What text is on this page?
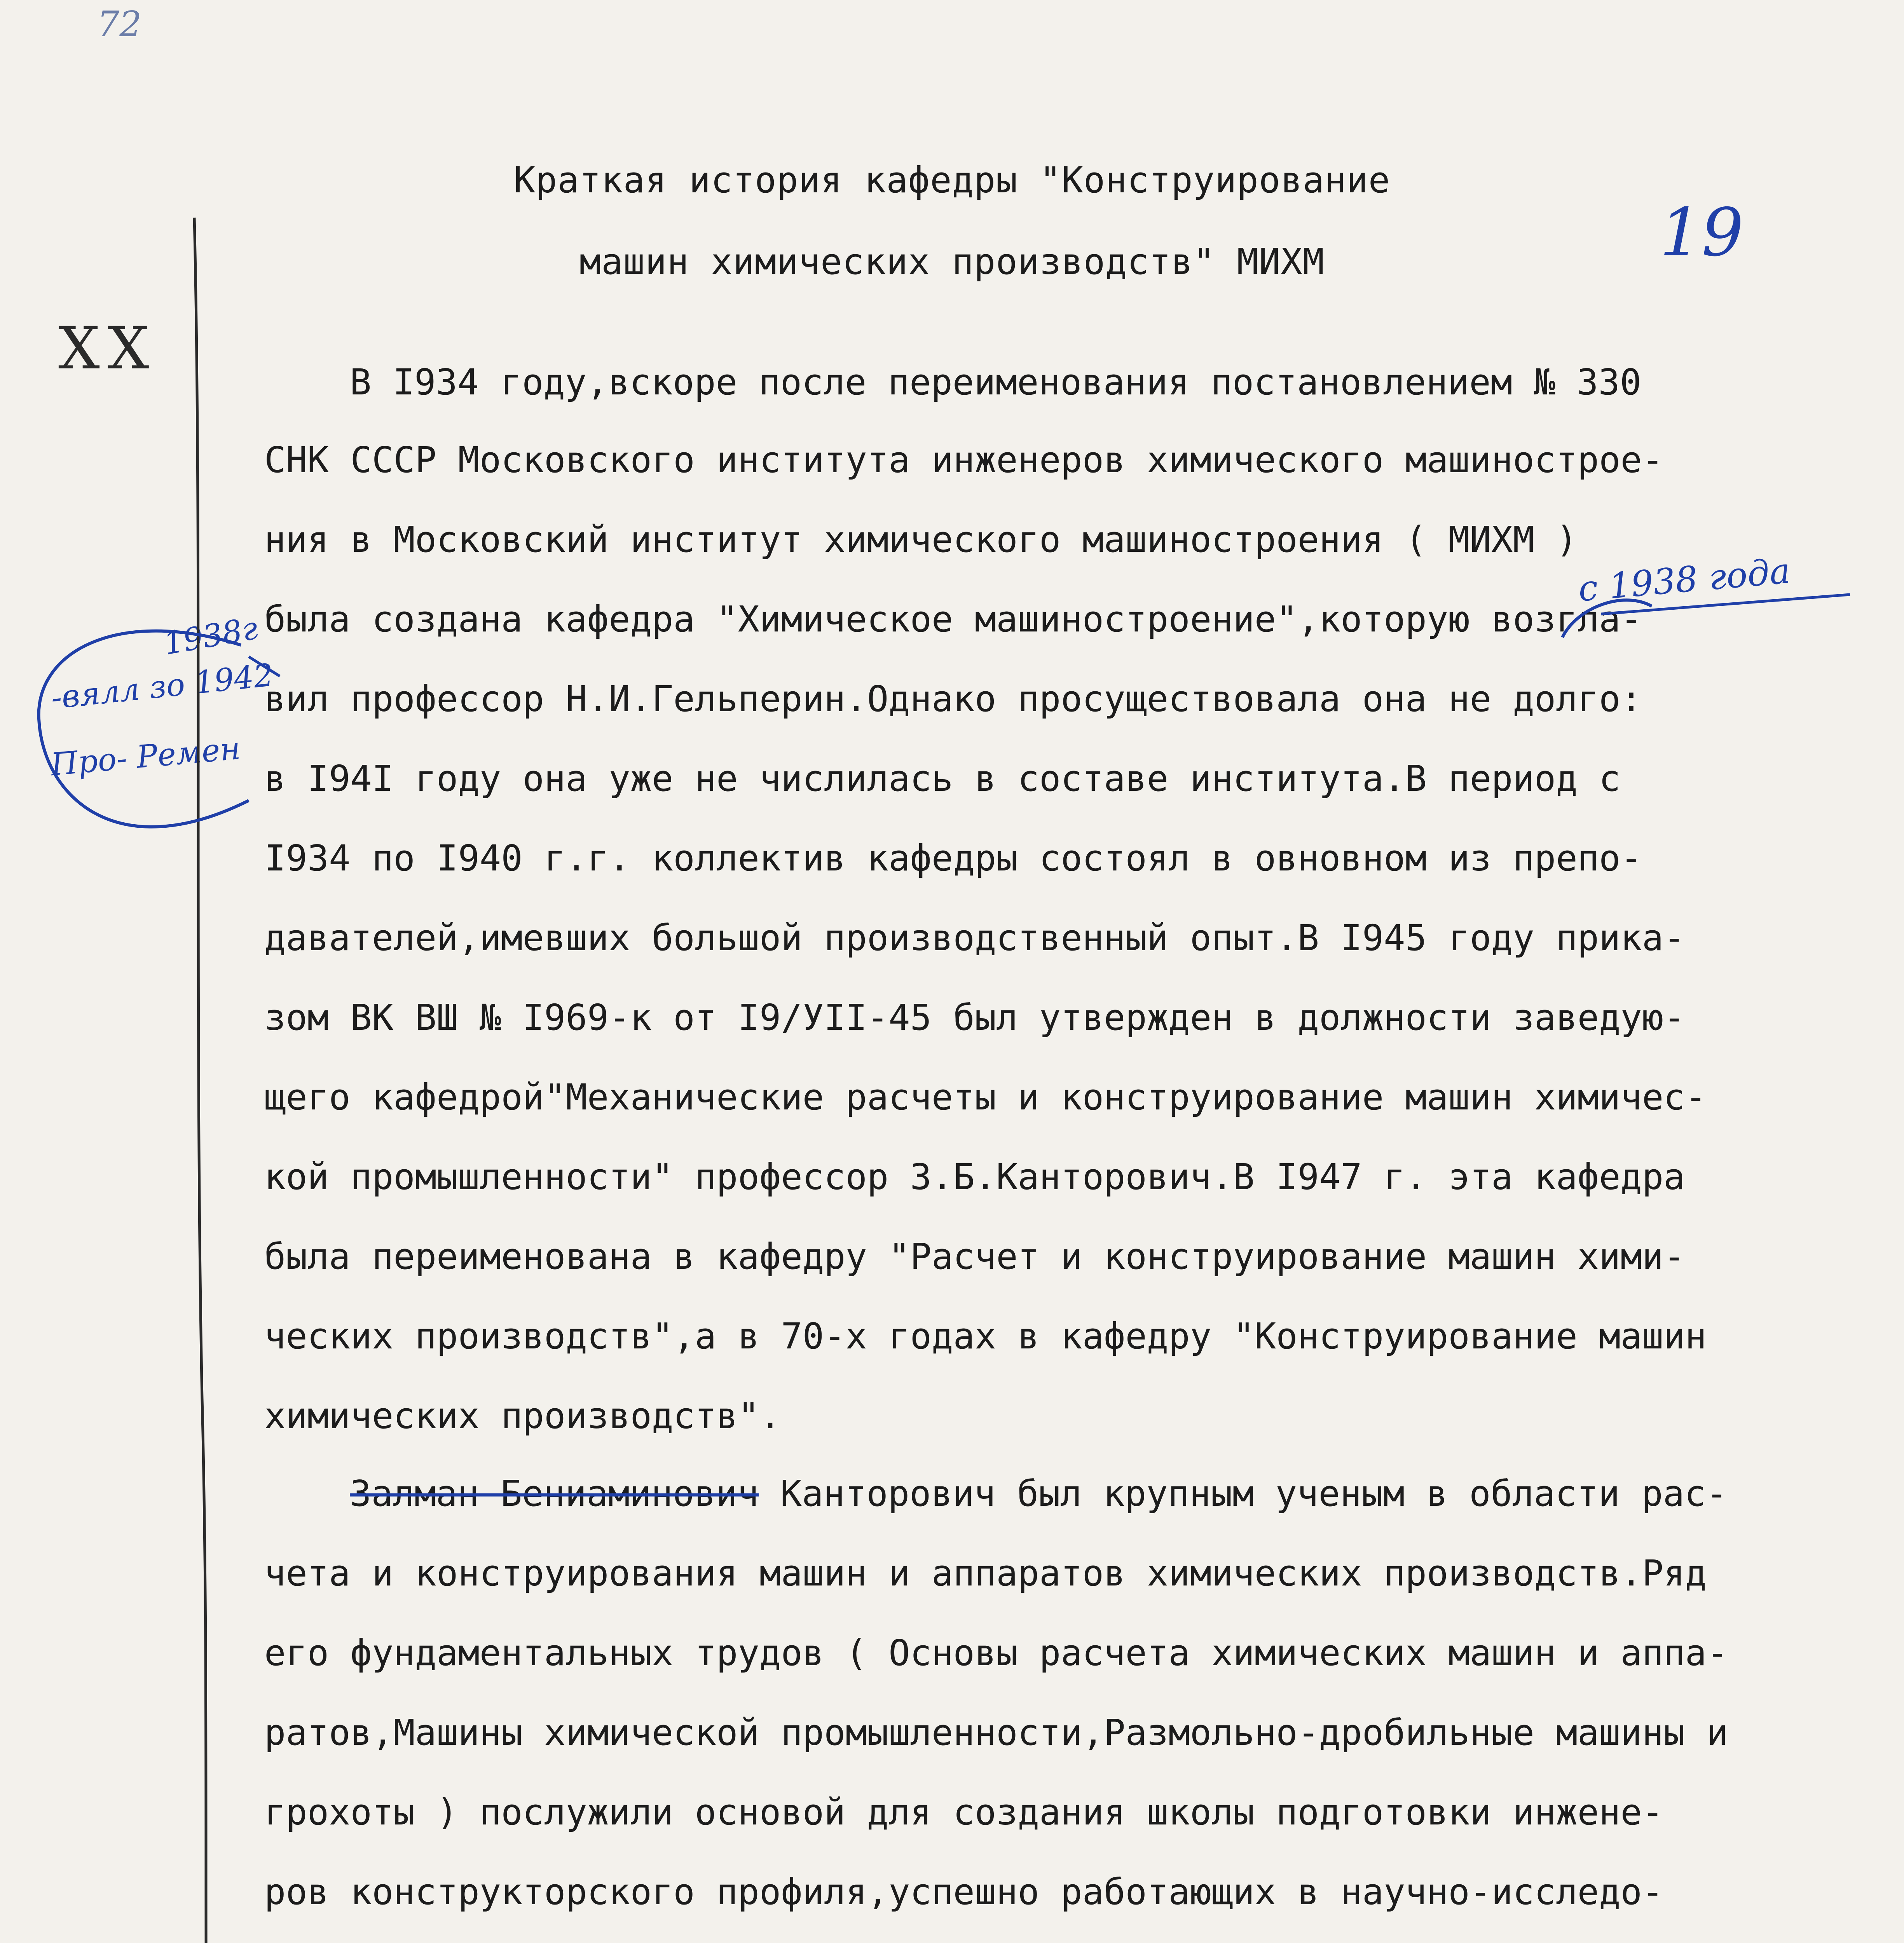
72
19
XX
Краткая история кафедры "Конструирование
машин химических производств" МИХМ
В I934 году,вскоре после переименования постановлением № 330
СНК СССР Московского института инженеров химического машинострое-
ния в Московский институт химического машиностроения ( МИХМ )
была создана кафедра "Химическое машиностроение",которую возгла-
вил профессор Н.И.Гельперин.Однако просуществовала она не долго:
в I94I году она уже не числилась в составе института.В период с
I934 по I940 г.г. коллектив кафедры состоял в овновном из препо-
давателей,имевших большой производственный опыт.В I945 году прика-
зом ВК ВШ № I969-к от I9/УII-45 был утвержден в должности заведую-
щего кафедрой"Механические расчеты и конструирование машин химичес-
кой промышленности" профессор З.Б.Канторович.В I947 г. эта кафедра
была переименована в кафедру "Расчет и конструирование машин хими-
ческих производств",а в 70-х годах в кафедру "Конструирование машин
химических производств".
Залман Бениаминович Канторович был крупным ученым в области рас-
чета и конструирования машин и аппаратов химических производств.Ряд
его фундаментальных трудов ( Основы расчета химических машин и аппа-
ратов,Машины химической промышленности,Размольно-дробильные машины и
грохоты ) послужили основой для создания школы подготовки инжене-
ров конструкторского профиля,успешно работающих в научно-исследо-
с 1938 года
1938г
-вялл зо 1942
Про- Ремен
